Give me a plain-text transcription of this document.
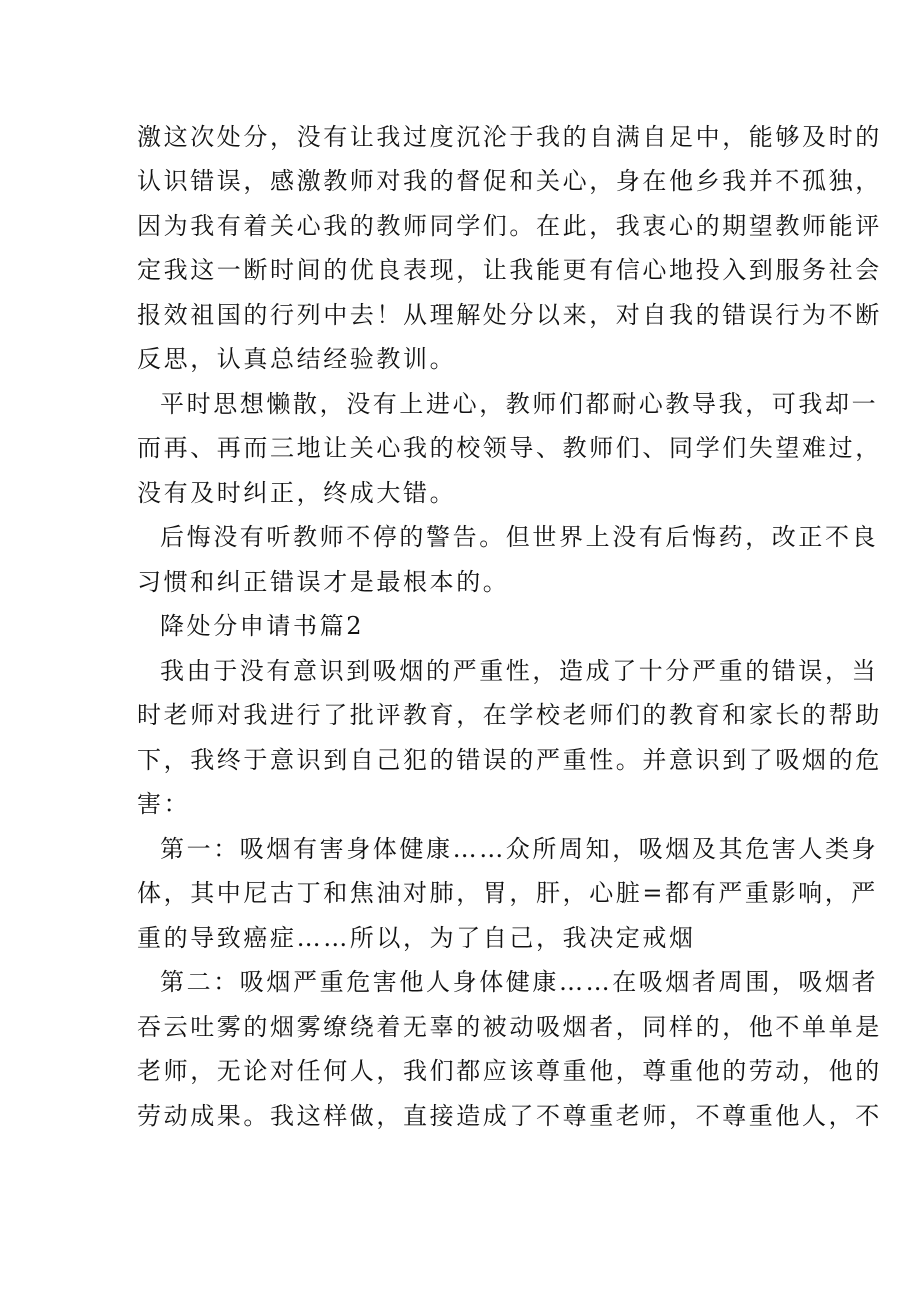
激这次处分，没有让我过度沉沦于我的自满自足中，能够及时的
认识错误，感激教师对我的督促和关心，身在他乡我并不孤独，
因为我有着关心我的教师同学们。在此，我衷心的期望教师能评
定我这一断时间的优良表现，让我能更有信心地投入到服务社会
报效祖国的行列中去！从理解处分以来，对自我的错误行为不断
反思，认真总结经验教训。
平时思想懒散，没有上进心，教师们都耐心教导我，可我却一
而再、再而三地让关心我的校领导、教师们、同学们失望难过，
没有及时纠正，终成大错。
后悔没有听教师不停的警告。但世界上没有后悔药，改正不良
习惯和纠正错误才是最根本的。
降处分申请书篇2
我由于没有意识到吸烟的严重性，造成了十分严重的错误，当
时老师对我进行了批评教育，在学校老师们的教育和家长的帮助
下，我终于意识到自己犯的错误的严重性。并意识到了吸烟的危
害：
第一：吸烟有害身体健康……众所周知，吸烟及其危害人类身
体，其中尼古丁和焦油对肺，胃，肝，心脏=都有严重影响，严
重的导致癌症……所以，为了自己，我决定戒烟
第二：吸烟严重危害他人身体健康……在吸烟者周围，吸烟者
吞云吐雾的烟雾缭绕着无辜的被动吸烟者，同样的，他不单单是
老师，无论对任何人，我们都应该尊重他，尊重他的劳动，他的
劳动成果。我这样做，直接造成了不尊重老师，不尊重他人，不
